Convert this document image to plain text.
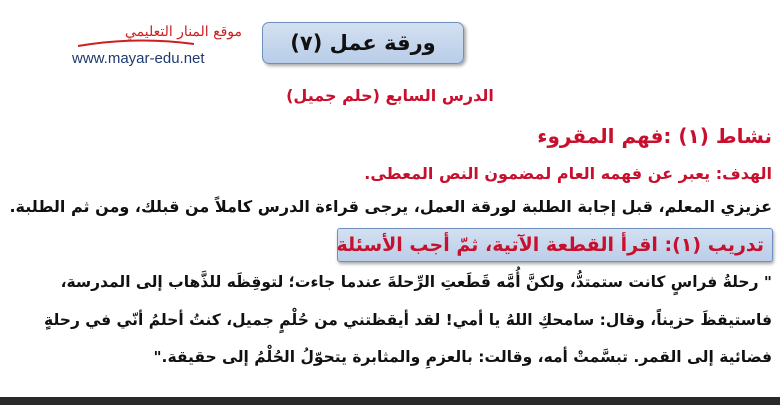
موقع المنار التعليمي
www.mayar-edu.net
ورقة عمل (٧)
الدرس السابع (حلم جميل)
نشاط (١) :فهم المقروء
الهدف: يعبر عن فهمه العام لمضمون النص المعطى.
عزيزي المعلم، قبل إجابة الطلبة لورقة العمل، يرجى قراءة الدرس كاملاً من قبلك، ومن ثم الطلبة.
تدريب (١): اقرأ القطعة الآتية، ثمّ أجب الأسئلة
" رحلةُ فراسٍ كانت ستمتدُّ، ولكنَّ أُمَّه قَطَعتِ الرِّحلةَ عندما جاءت؛ لتوقِظَه للذَّهاب إلى المدرسة،
فاستيقظَ حزيناً، وقال: سامحكِ اللهُ يا أمي! لقد أيقظتني من حُلْمٍ جميل، كنتُ أحلمُ أنّي في رحلةٍ
فضائية إلى القمر. تبسَّمتْ أمه، وقالت: بالعزمِ والمثابرة يتحوّلُ الحُلْمُ إلى حقيقة."
